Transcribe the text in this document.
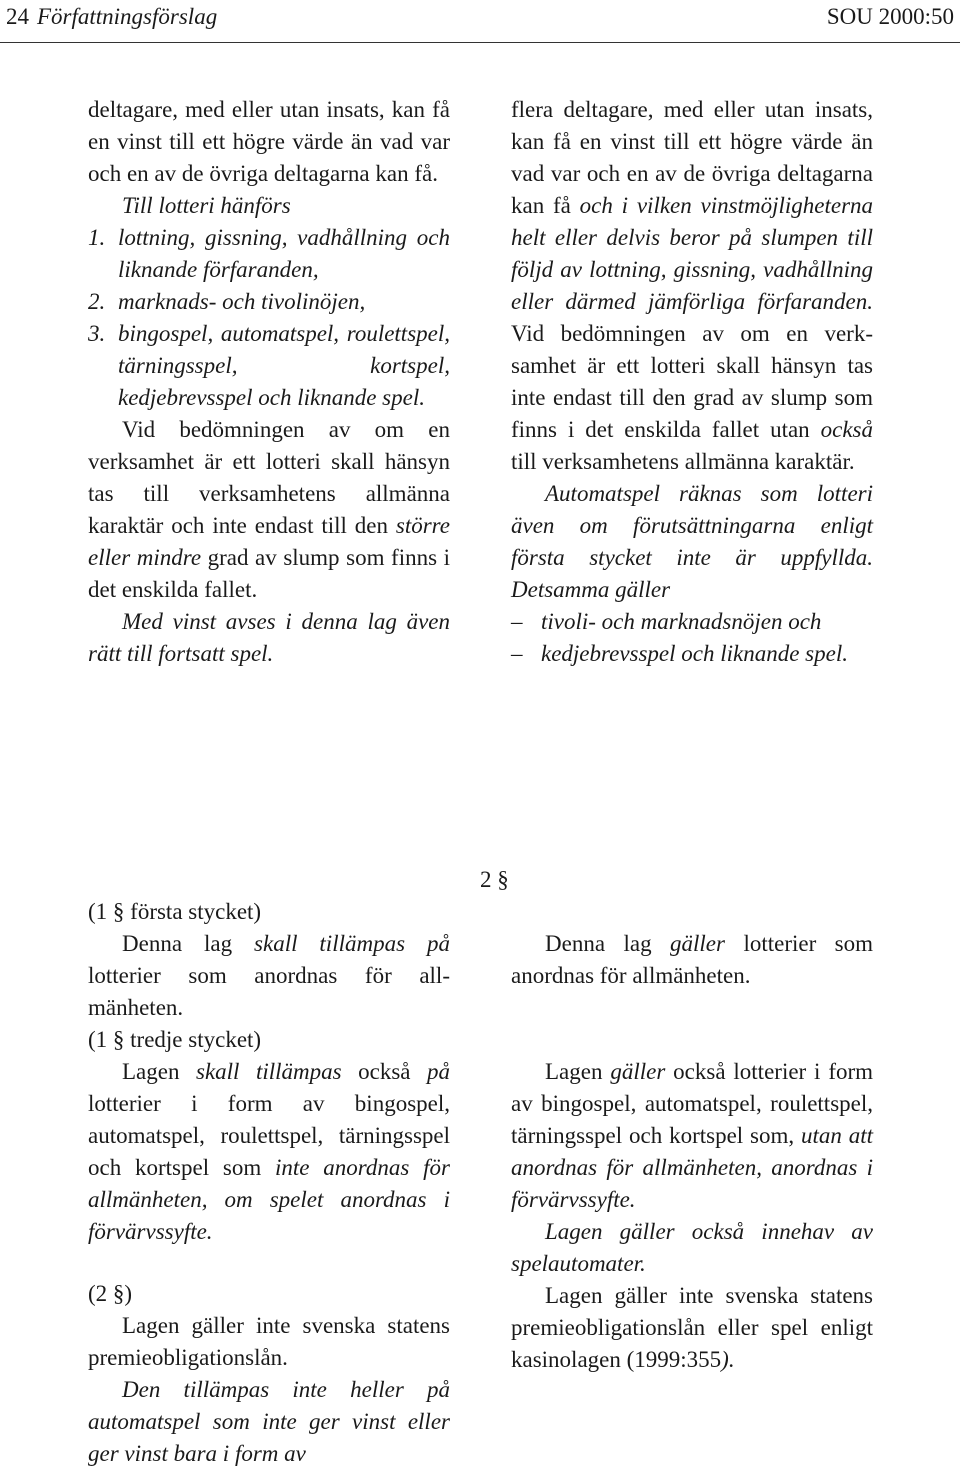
24 Författningsförslag	SOU 2000:50

deltagare, med eller utan insats, kan få en vinst till ett högre värde än vad var och en av de övriga deltagarna kan få.

Till lotteri hänförs

1. lottning, gissning, vadhållning och liknande förfaranden,
2. marknads- och tivolinöjen,
3. bingospel, automatspel, roulettspel, tärningsspel, kortspel, kedjebrevsspel och liknande spel.

Vid bedömningen av om en verksamhet är ett lotteri skall hänsyn tas till verksamhetens allmänna karaktär och inte endast till den större eller mindre grad av slump som finns i det enskilda fallet.

Med vinst avses i denna lag även rätt till fortsatt spel.

flera deltagare, med eller utan insats, kan få en vinst till ett högre värde än vad var och en av de övriga deltagarna kan få och i vilken vinstmöjligheterna helt eller delvis beror på slumpen till följd av lottning, gissning, vadhållning eller därmed jämförliga förfaranden. Vid bedömningen av om en verksamhet är ett lotteri skall hänsyn tas inte endast till den grad av slump som finns i det enskilda fallet utan också till verksamhetens allmänna karaktär.

Automatspel räknas som lotteri även om förutsättningarna enligt första stycket inte är uppfyllda. Detsamma gäller

– tivoli- och marknadsnöjen och
– kedjebrevsspel och liknande spel.
2 §

(1 § första stycket)

Denna lag skall tillämpas på lotterier som anordnas för allmänheten.

(1 § tredje stycket)

Lagen skall tillämpas också på lotterier i form av bingospel, automatspel, roulettspel, tärningsspel och kortspel som inte anordnas för allmänheten, om spelet anordnas i förvärvssyfte.

(2 §)

Lagen gäller inte svenska statens premieobligationslån.

Den tillämpas inte heller på automatspel som inte ger vinst eller ger vinst bara i form av

Denna lag gäller lotterier som anordnas för allmänheten.

Lagen gäller också lotterier i form av bingospel, automatspel, roulettspel, tärningsspel och kortspel som, utan att anordnas för allmänheten, anordnas i förvärvssyfte.

Lagen gäller också innehav av spelautomater.

Lagen gäller inte svenska statens premieobligationslån eller spel enligt kasinolagen (1999:355).
